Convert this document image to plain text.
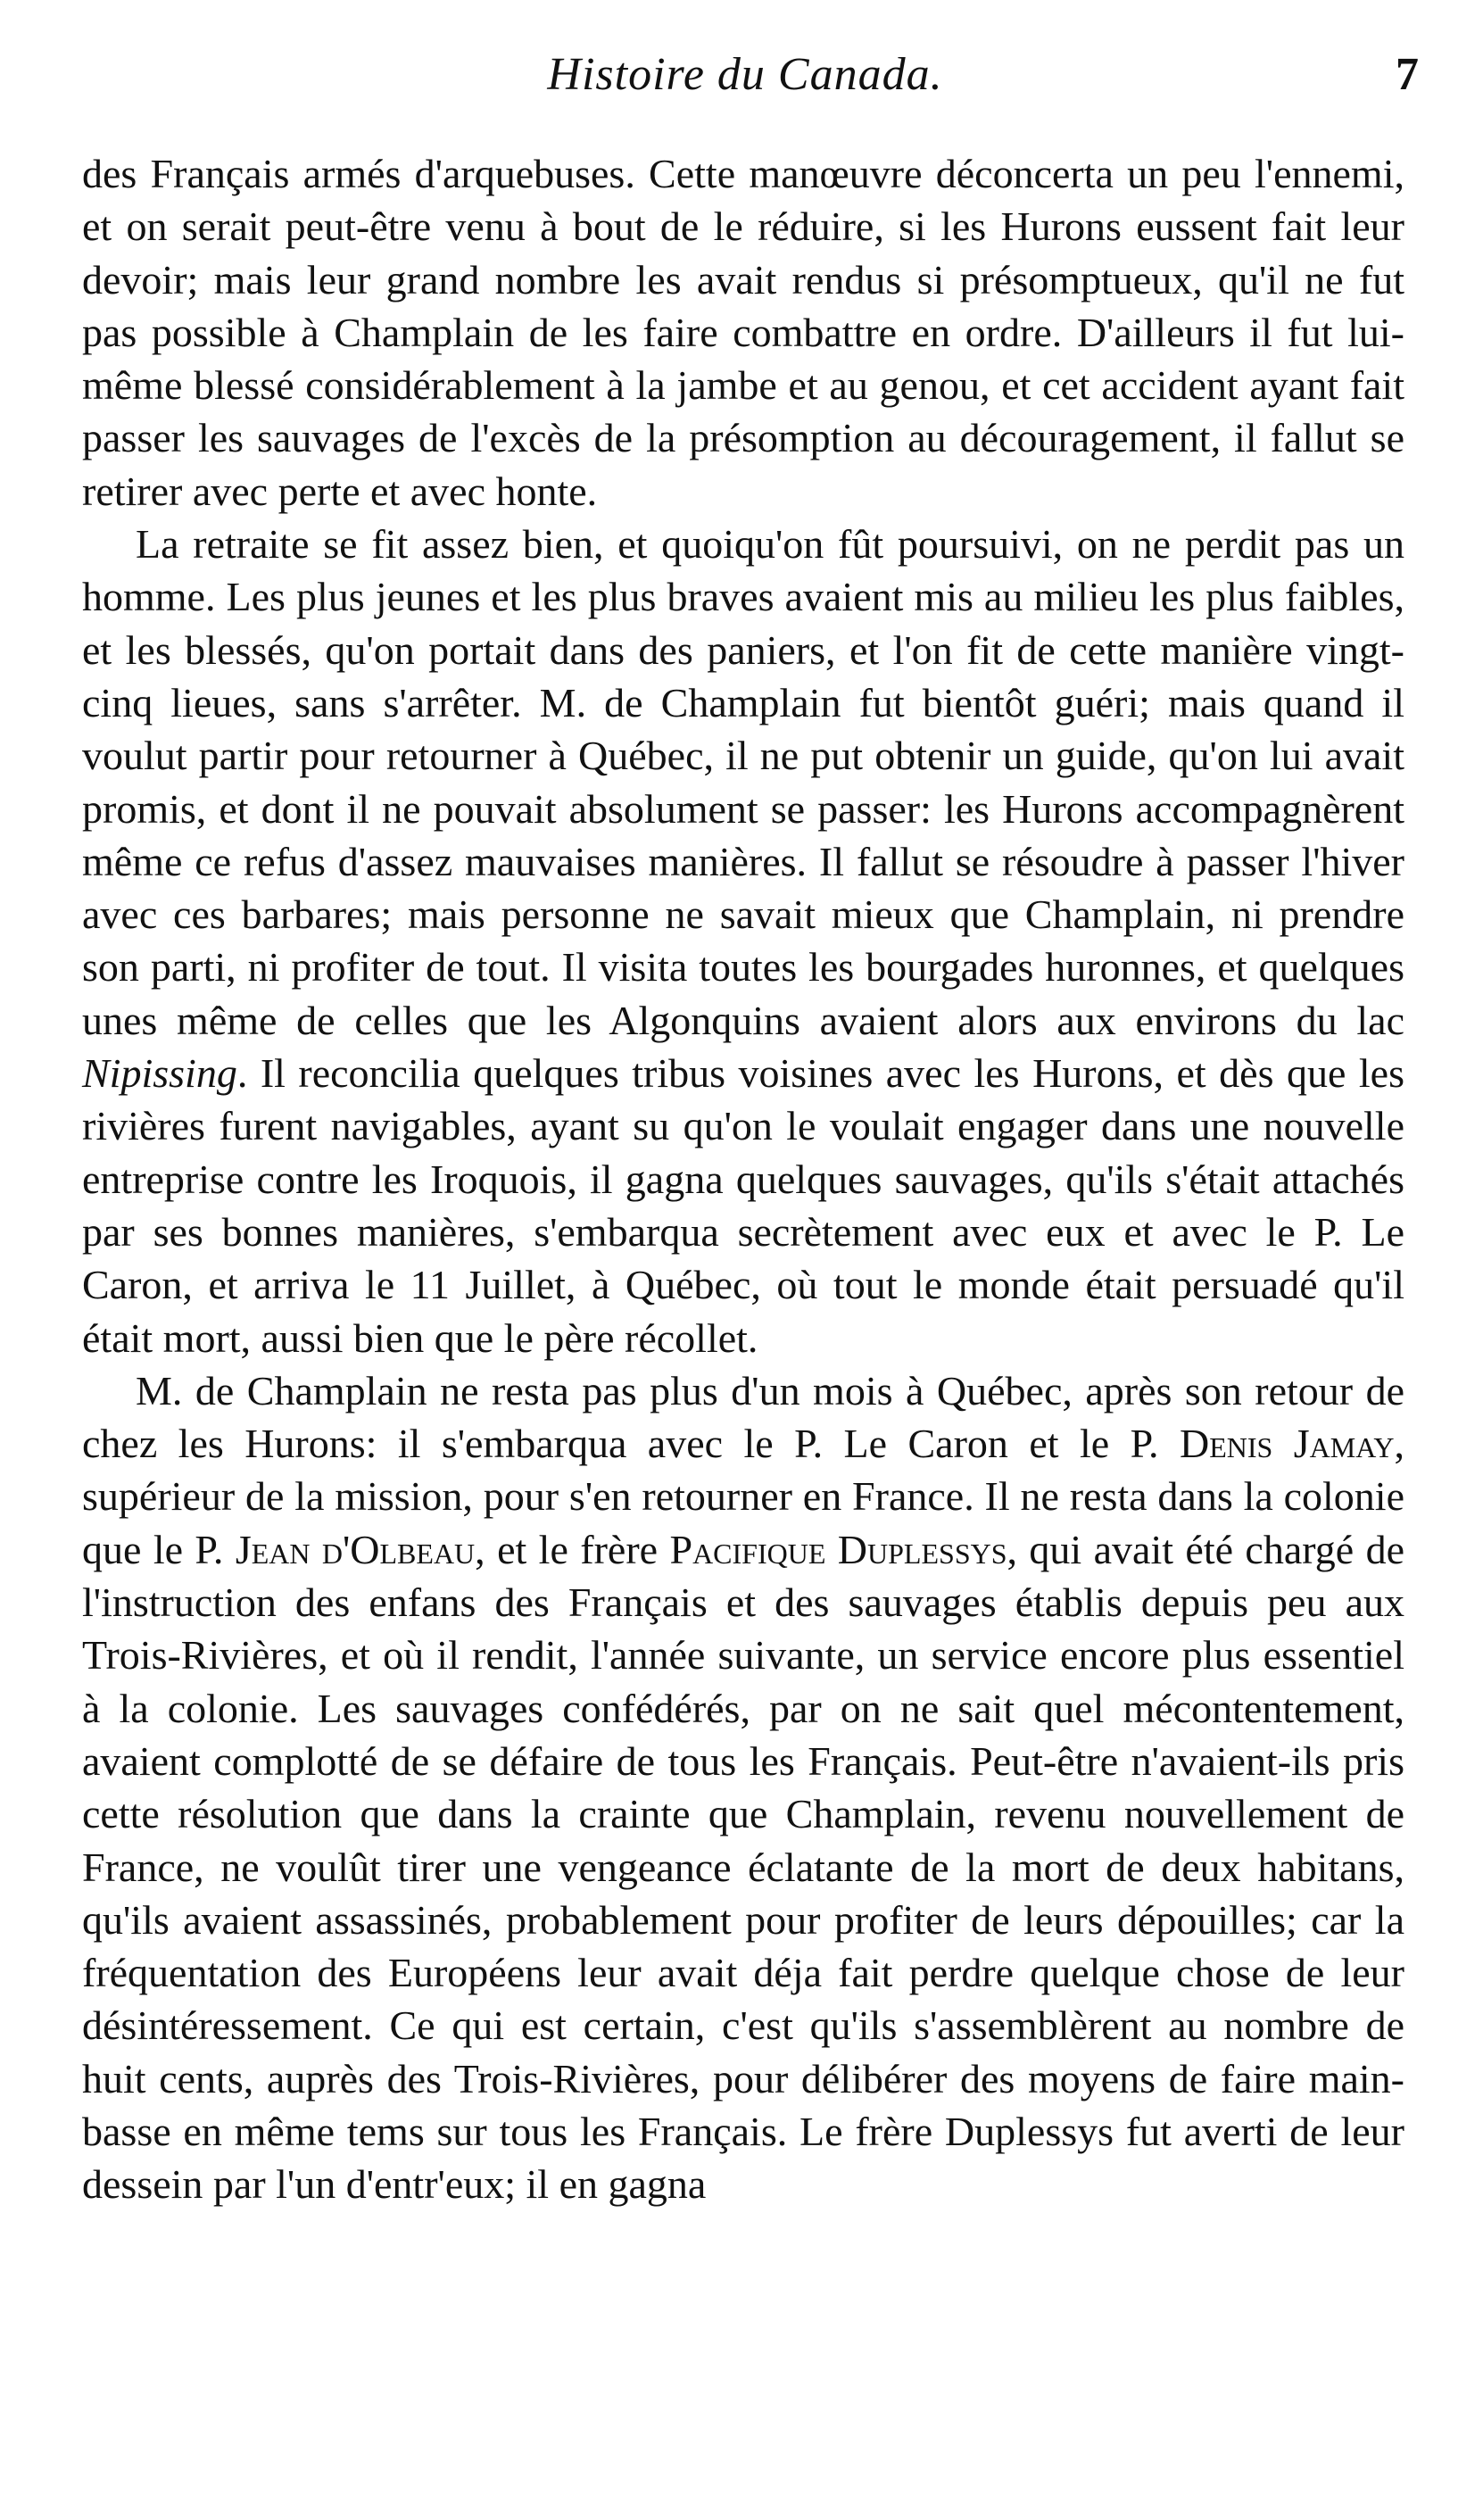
Histoire du Canada.	7

des Français armés d'arquebuses. Cette manœuvre déconcerta un peu l'ennemi, et on serait peut-être venu à bout de le réduire, si les Hurons eussent fait leur devoir; mais leur grand nombre les avait rendus si présomptueux, qu'il ne fut pas possible à Champlain de les faire combattre en ordre. D'ailleurs il fut lui-même blessé considérablement à la jambe et au genou, et cet accident ayant fait passer les sauvages de l'excès de la présomption au découragement, il fallut se retirer avec perte et avec honte.

La retraite se fit assez bien, et quoiqu'on fût poursuivi, on ne perdit pas un homme. Les plus jeunes et les plus braves avaient mis au milieu les plus faibles, et les blessés, qu'on portait dans des paniers, et l'on fit de cette manière vingt-cinq lieues, sans s'arrêter. M. de Champlain fut bientôt guéri; mais quand il voulut partir pour retourner à Québec, il ne put obtenir un guide, qu'on lui avait promis, et dont il ne pouvait absolument se passer: les Hurons accompagnèrent même ce refus d'assez mauvaises manières. Il fallut se résoudre à passer l'hiver avec ces barbares; mais personne ne savait mieux que Champlain, ni prendre son parti, ni profiter de tout. Il visita toutes les bourgades huronnes, et quelques unes même de celles que les Algonquins avaient alors aux environs du lac Nipissing. Il reconcilia quelques tribus voisines avec les Hurons, et dès que les rivières furent navigables, ayant su qu'on le voulait engager dans une nouvelle entreprise contre les Iroquois, il gagna quelques sauvages, qu'ils s'était attachés par ses bonnes manières, s'embarqua secrètement avec eux et avec le P. Le Caron, et arriva le 11 Juillet, à Québec, où tout le monde était persuadé qu'il était mort, aussi bien que le père récollet.

M. de Champlain ne resta pas plus d'un mois à Québec, après son retour de chez les Hurons: il s'embarqua avec le P. Le Caron et le P. Denis Jamay, supérieur de la mission, pour s'en retourner en France. Il ne resta dans la colonie que le P. Jean d'Olbeau, et le frère Pacifique Duplessys, qui avait été chargé de l'instruction des enfans des Français et des sauvages établis depuis peu aux Trois-Rivières, et où il rendit, l'année suivante, un service encore plus essentiel à la colonie. Les sauvages confédérés, par on ne sait quel mécontentement, avaient complotté de se défaire de tous les Français. Peut-être n'avaient-ils pris cette résolution que dans la crainte que Champlain, revenu nouvellement de France, ne voulût tirer une vengeance éclatante de la mort de deux habitans, qu'ils avaient assassinés, probablement pour profiter de leurs dépouilles; car la fréquentation des Européens leur avait déja fait perdre quelque chose de leur désintéressement. Ce qui est certain, c'est qu'ils s'assemblèrent au nombre de huit cents, auprès des Trois-Rivières, pour délibérer des moyens de faire main-basse en même tems sur tous les Français. Le frère Duplessys fut averti de leur dessein par l'un d'entr'eux; il en gagna
